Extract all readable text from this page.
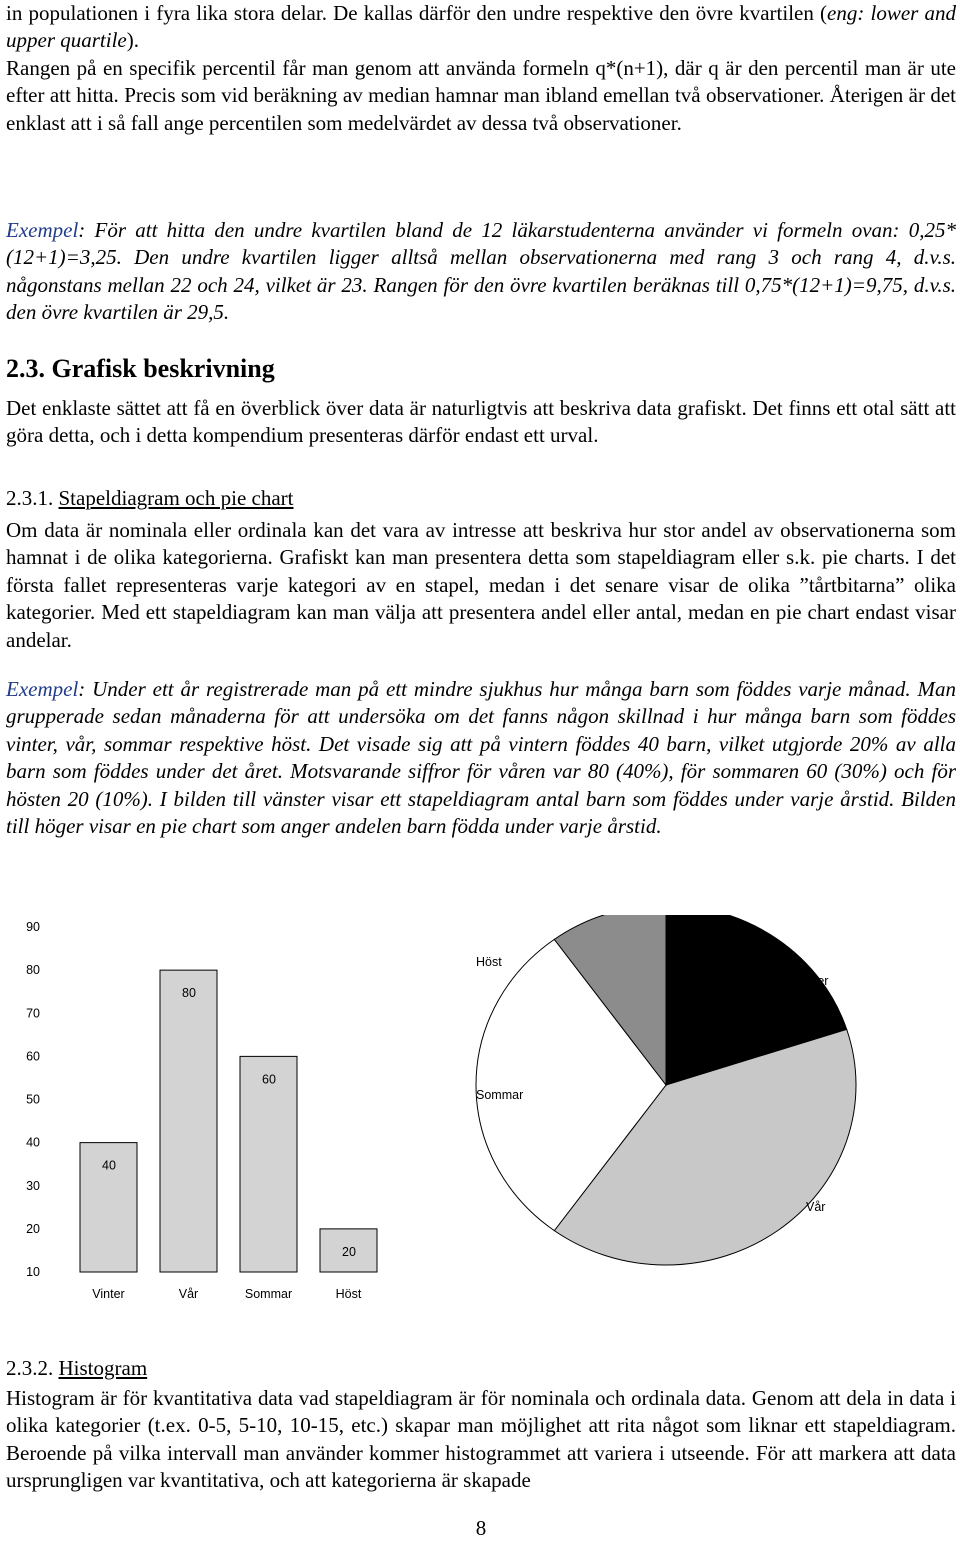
in populationen i fyra lika stora delar. De kallas därför den undre respektive den övre kvartilen (eng: lower and upper quartile).

Rangen på en specifik percentil får man genom att använda formeln q*(n+1), där q är den percentil man är ute efter att hitta. Precis som vid beräkning av median hamnar man ibland emellan två observationer. Återigen är det enklast att i så fall ange percentilen som medelvärdet av dessa två observationer.

Exempel: För att hitta den undre kvartilen bland de 12 läkarstudenterna använder vi formeln ovan: 0,25*(12+1)=3,25. Den undre kvartilen ligger alltså mellan observationerna med rang 3 och rang 4, d.v.s. någonstans mellan 22 och 24, vilket är 23. Rangen för den övre kvartilen beräknas till 0,75*(12+1)=9,75, d.v.s. den övre kvartilen är 29,5.

2.3. Grafisk beskrivning

Det enklaste sättet att få en överblick över data är naturligtvis att beskriva data grafiskt. Det finns ett otal sätt att göra detta, och i detta kompendium presenteras därför endast ett urval.

2.3.1. Stapeldiagram och pie chart

Om data är nominala eller ordinala kan det vara av intresse att beskriva hur stor andel av observationerna som hamnat i de olika kategorierna. Grafiskt kan man presentera detta som stapeldiagram eller s.k. pie charts. I det första fallet representeras varje kategori av en stapel, medan i det senare visar de olika ”tårtbitarna” olika kategorier. Med ett stapeldiagram kan man välja att presentera andel eller antal, medan en pie chart endast visar andelar.

Exempel: Under ett år registrerade man på ett mindre sjukhus hur många barn som föddes varje månad. Man grupperade sedan månaderna för att undersöka om det fanns någon skillnad i hur många barn som föddes vinter, vår, sommar respektive höst. Det visade sig att på vintern föddes 40 barn, vilket utgjorde 20% av alla barn som föddes under det året. Motsvarande siffror för våren var 80 (40%), för sommaren 60 (30%) och för hösten 20 (10%). I bilden till vänster visar ett stapeldiagram antal barn som föddes under varje årstid. Bilden till höger visar en pie chart som anger andelen barn födda under varje årstid.

10
20
30
40
50
60
70
80
90
40
Vinter
80
Vår
60
Sommar
20
Höst
Vinter
Vår
Sommar
Höst

2.3.2. Histogram

Histogram är för kvantitativa data vad stapeldiagram är för nominala och ordinala data. Genom att dela in data i olika kategorier (t.ex. 0-5, 5-10, 10-15, etc.) skapar man möjlighet att rita något som liknar ett stapeldiagram. Beroende på vilka intervall man använder kommer histogrammet att variera i utseende. För att markera att data ursprungligen var kvantitativa, och att kategorierna är skapade

8
